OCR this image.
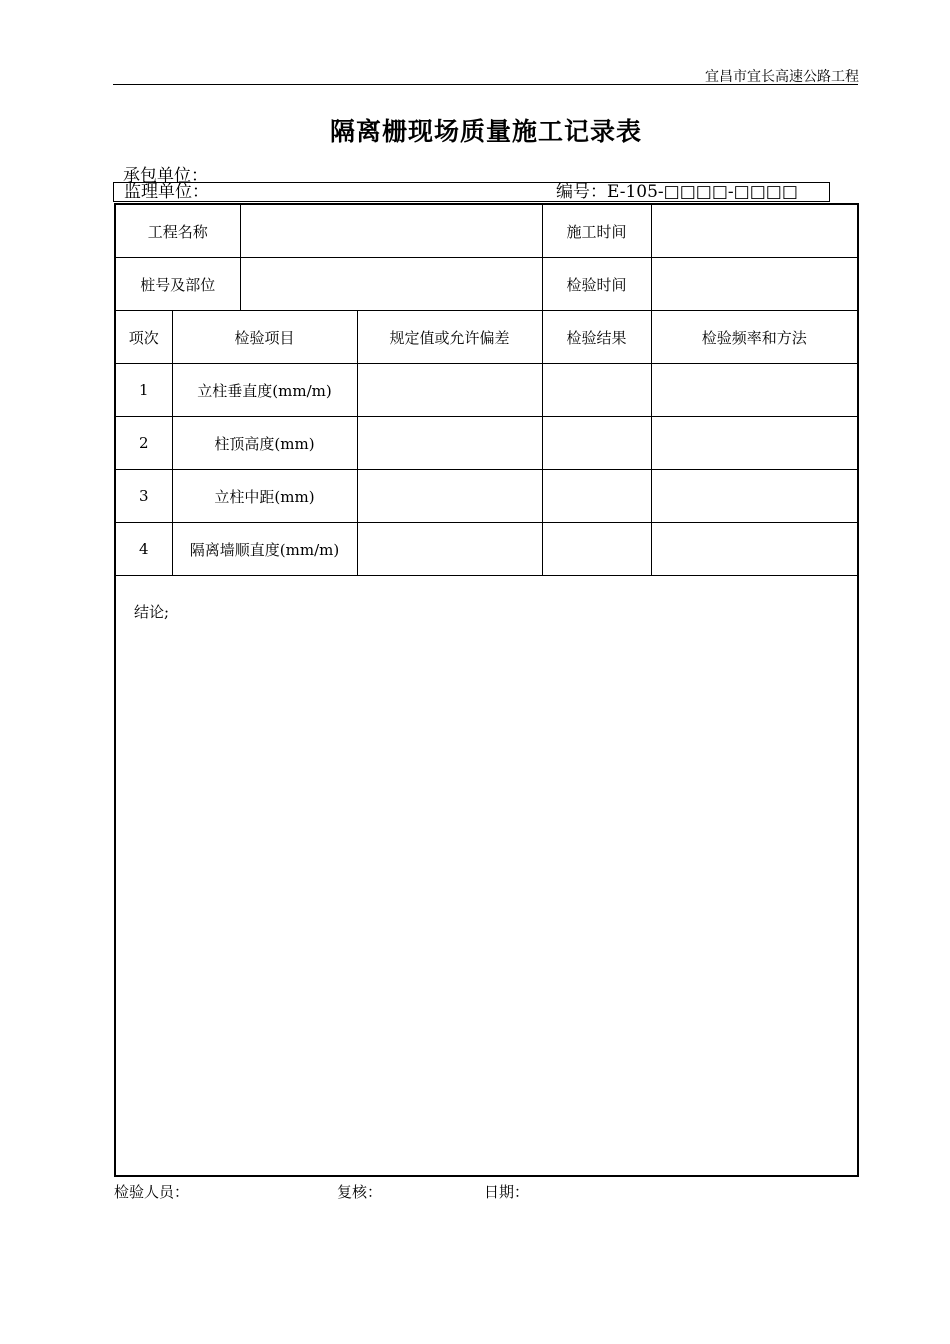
宜昌市宜长高速公路工程
隔离栅现场质量施工记录表
承包单位：
监理单位：	编号：E-105-□□□□-□□□□
工程名称				施工时间	
桩号及部位				检验时间	
项次	检验项目		规定值或允许偏差	检验结果	检验频率和方法
1	立柱垂直度(mm/m)				
2	柱顶高度(mm)				
3	立柱中距(mm)				
4	隔离墙顺直度(mm/m)				
结论;
检验人员：	复核：	日期：
